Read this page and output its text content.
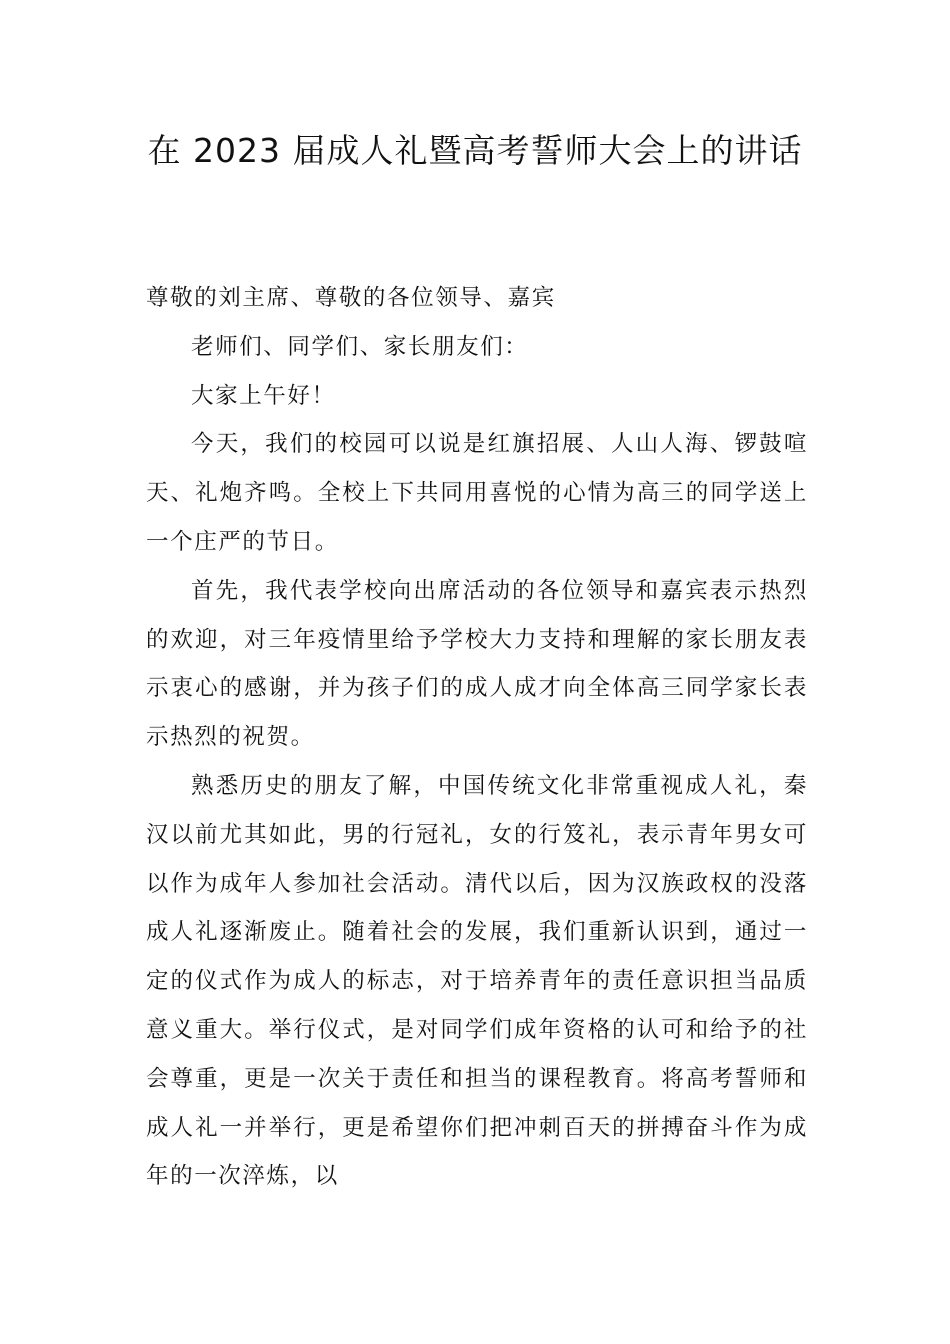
在 2023 届成人礼暨高考誓师大会上的讲话

尊敬的刘主席、尊敬的各位领导、嘉宾

老师们、同学们、家长朋友们：

大家上午好！

今天，我们的校园可以说是红旗招展、人山人海、锣鼓喧天、礼炮齐鸣。全校上下共同用喜悦的心情为高三的同学送上一个庄严的节日。

首先，我代表学校向出席活动的各位领导和嘉宾表示热烈的欢迎，对三年疫情里给予学校大力支持和理解的家长朋友表示衷心的感谢，并为孩子们的成人成才向全体高三同学家长表示热烈的祝贺。

熟悉历史的朋友了解，中国传统文化非常重视成人礼，秦汉以前尤其如此，男的行冠礼，女的行笈礼，表示青年男女可以作为成年人参加社会活动。清代以后，因为汉族政权的没落成人礼逐渐废止。随着社会的发展，我们重新认识到，通过一定的仪式作为成人的标志，对于培养青年的责任意识担当品质意义重大。举行仪式，是对同学们成年资格的认可和给予的社会尊重，更是一次关于责任和担当的课程教育。将高考誓师和成人礼一并举行，更是希望你们把冲刺百天的拼搏奋斗作为成年的一次淬炼，以
